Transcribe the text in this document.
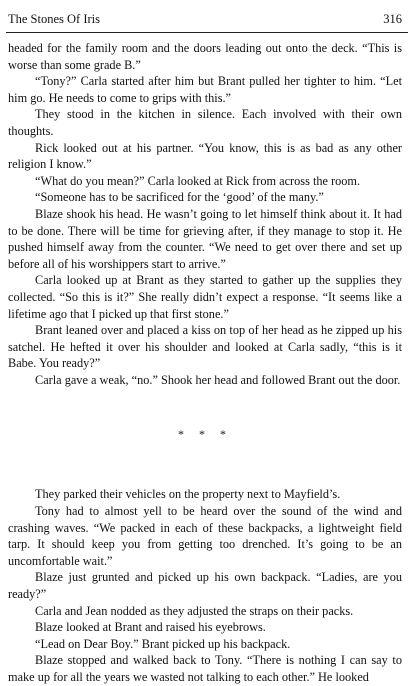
The Stones Of Iris	316

headed for the family room and the doors leading out onto the deck. “This is worse than some grade B.”

“Tony?” Carla started after him but Brant pulled her tighter to him. “Let him go. He needs to come to grips with this.”

They stood in the kitchen in silence. Each involved with their own thoughts.

Rick looked out at his partner. “You know, this is as bad as any other religion I know.”

“What do you mean?” Carla looked at Rick from across the room.

“Someone has to be sacrificed for the ‘good’ of the many.”

Blaze shook his head. He wasn’t going to let himself think about it. It had to be done. There will be time for grieving after, if they manage to stop it. He pushed himself away from the counter. “We need to get over there and set up before all of his worshippers start to arrive.”

Carla looked up at Brant as they started to gather up the supplies they collected. “So this is it?” She really didn’t expect a response. “It seems like a lifetime ago that I picked up that first stone.”

Brant leaned over and placed a kiss on top of her head as he zipped up his satchel. He hefted it over his shoulder and looked at Carla sadly, “this is it Babe. You ready?”

Carla gave a weak, “no.” Shook her head and followed Brant out the door.

* * *

They parked their vehicles on the property next to Mayfield’s.

Tony had to almost yell to be heard over the sound of the wind and crashing waves. “We packed in each of these backpacks, a lightweight field tarp. It should keep you from getting too drenched. It’s going to be an uncomfortable wait.”

Blaze just grunted and picked up his own backpack. “Ladies, are you ready?”

Carla and Jean nodded as they adjusted the straps on their packs.

Blaze looked at Brant and raised his eyebrows.

“Lead on Dear Boy.” Brant picked up his backpack.

Blaze stopped and walked back to Tony. “There is nothing I can say to make up for all the years we wasted not talking to each other.” He looked
